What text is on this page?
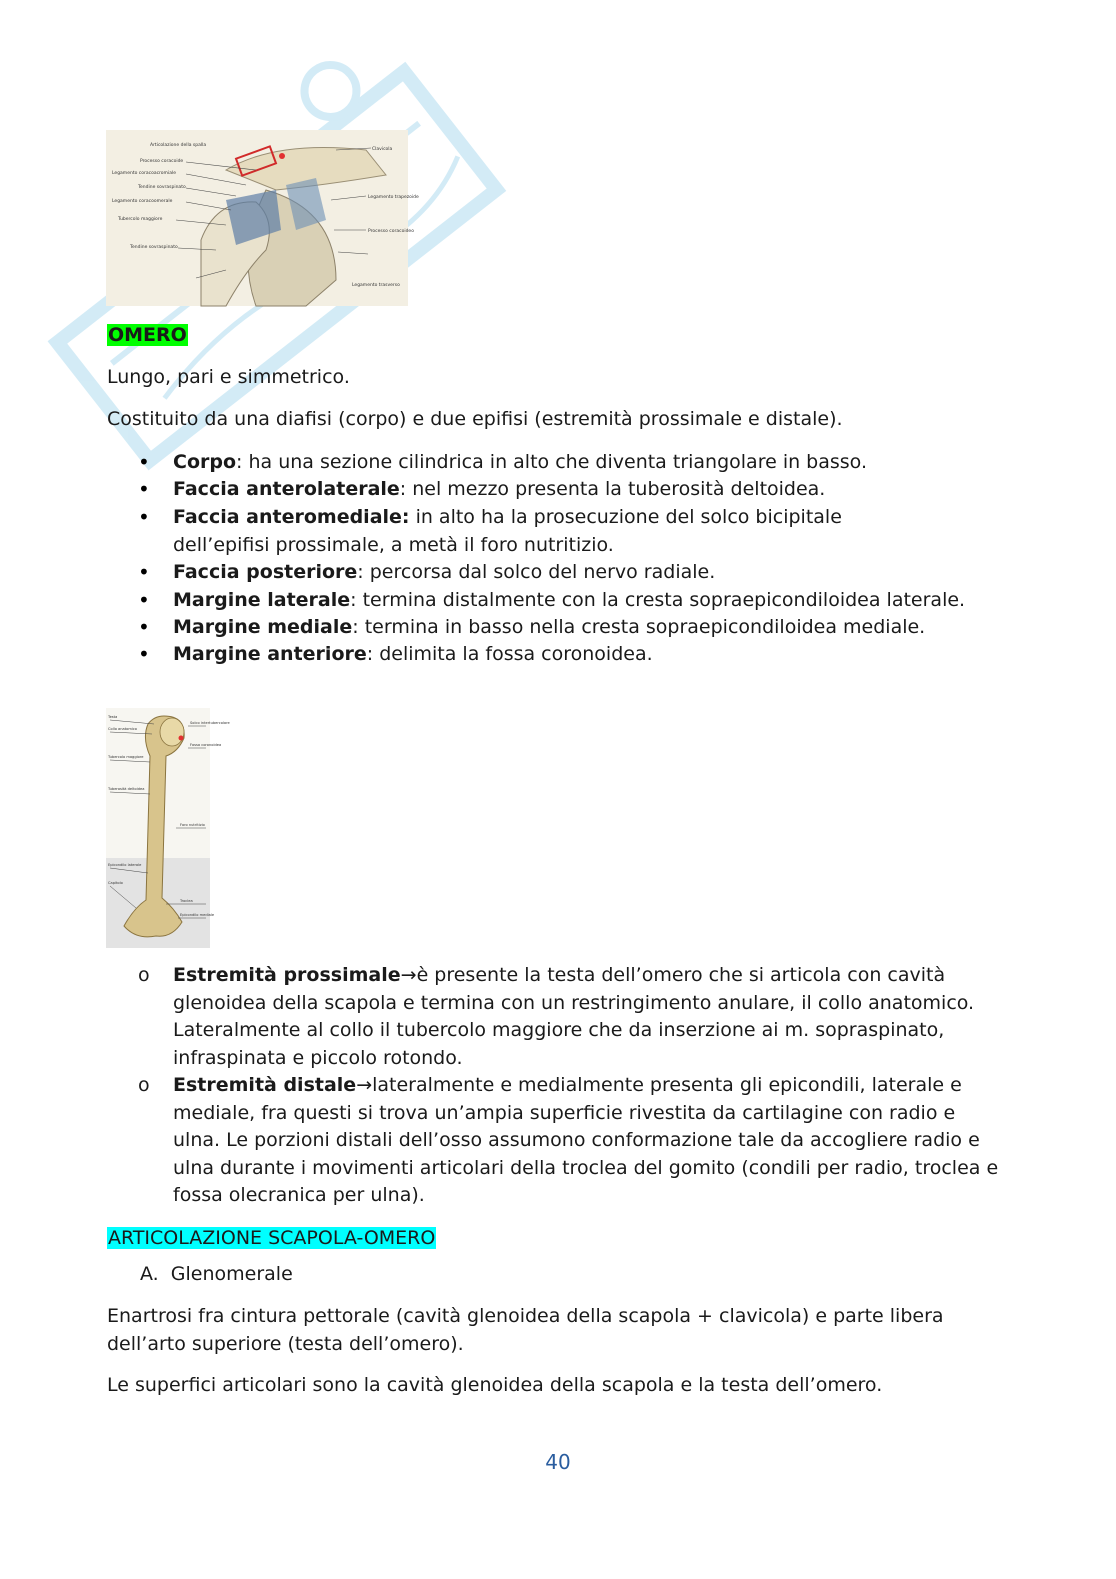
Articolazione della spalla
Processo coracoide
Legamento coracoacromiale
Tendine sovraspinato
Legamento coracoomerale
Tubercolo maggiore
Tendine sovraspinato
Clavicola
Legamento trapezoide
Processo coracoideo
Legamento trasverso

OMERO

Lungo, pari e simmetrico.

Costituito da una diafisi (corpo) e due epifisi (estremità prossimale e distale).

• Corpo: ha una sezione cilindrica in alto che diventa triangolare in basso.
• Faccia anterolaterale: nel mezzo presenta la tuberosità deltoidea.
• Faccia anteromediale: in alto ha la prosecuzione del solco bicipitale dell’epifisi prossimale, a metà il foro nutritizio.
• Faccia posteriore: percorsa dal solco del nervo radiale.
• Margine laterale: termina distalmente con la cresta sopraepicondiloidea laterale.
• Margine mediale: termina in basso nella cresta sopraepicondiloidea mediale.
• Margine anteriore: delimita la fossa coronoidea.
Testa
Collo anatomico
Tubercolo maggiore
Solco intertubercolare
Tuberosità deltoidea
Foro nutritizio
Fossa coronoidea
Epicondilo laterale
Capitolo
Troclea
Epicondilo mediale
o Estremità prossimale→è presente la testa dell’omero che si articola con cavità glenoidea della scapola e termina con un restringimento anulare, il collo anatomico. Lateralmente al collo il tubercolo maggiore che da inserzione ai m. sopraspinato, infraspinata e piccolo rotondo.
o Estremità distale→lateralmente e medialmente presenta gli epicondili, laterale e mediale, fra questi si trova un’ampia superficie rivestita da cartilagine con radio e ulna. Le porzioni distali dell’osso assumono conformazione tale da accogliere radio e ulna durante i movimenti articolari della troclea del gomito (condili per radio, troclea e fossa olecranica per ulna).

ARTICOLAZIONE SCAPOLA-OMERO

A. Glenomerale

Enartrosi fra cintura pettorale (cavità glenoidea della scapola + clavicola) e parte libera dell’arto superiore (testa dell’omero).

Le superfici articolari sono la cavità glenoidea della scapola e la testa dell’omero.

40
